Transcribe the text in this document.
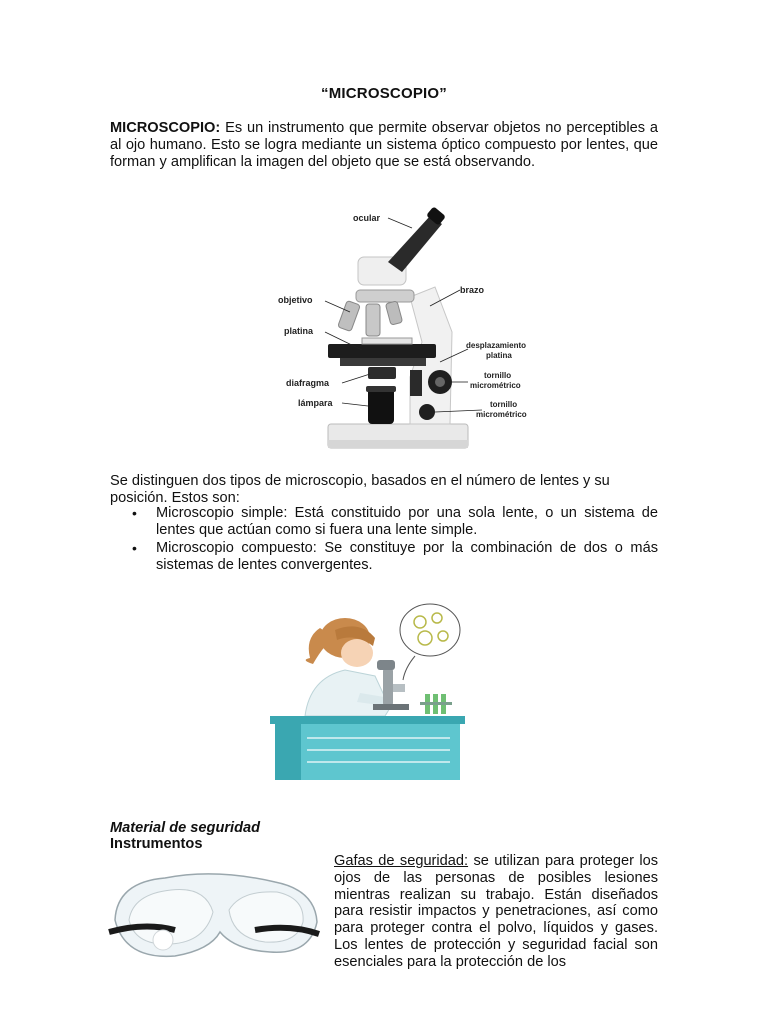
“MICROSCOPIO”
MICROSCOPIO: Es un instrumento que permite observar objetos no perceptibles a al ojo humano. Esto se logra mediante un sistema óptico compuesto por lentes, que forman y amplifican la imagen del objeto que se está observando.
ocular
brazo
objetivo
platina
desplazamiento
platina
tornillo
micrométrico
diafragma
lámpara	tornillo
micrométrico
Se distinguen dos tipos de microscopio, basados en el número de lentes y su posición. Estos son:
• Microscopio simple: Está constituido por una sola lente, o un sistema de lentes que actúan como si fuera una lente simple.
• Microscopio compuesto: Se constituye por la combinación de dos o más sistemas de lentes convergentes.
Material de seguridad
Instrumentos
Gafas de seguridad: se utilizan para proteger los ojos de las personas de posibles lesiones mientras realizan su trabajo. Están diseñados para resistir impactos y penetraciones, así como para proteger contra el polvo, líquidos y gases. Los lentes de protección y seguridad facial son esenciales para la protección de los
